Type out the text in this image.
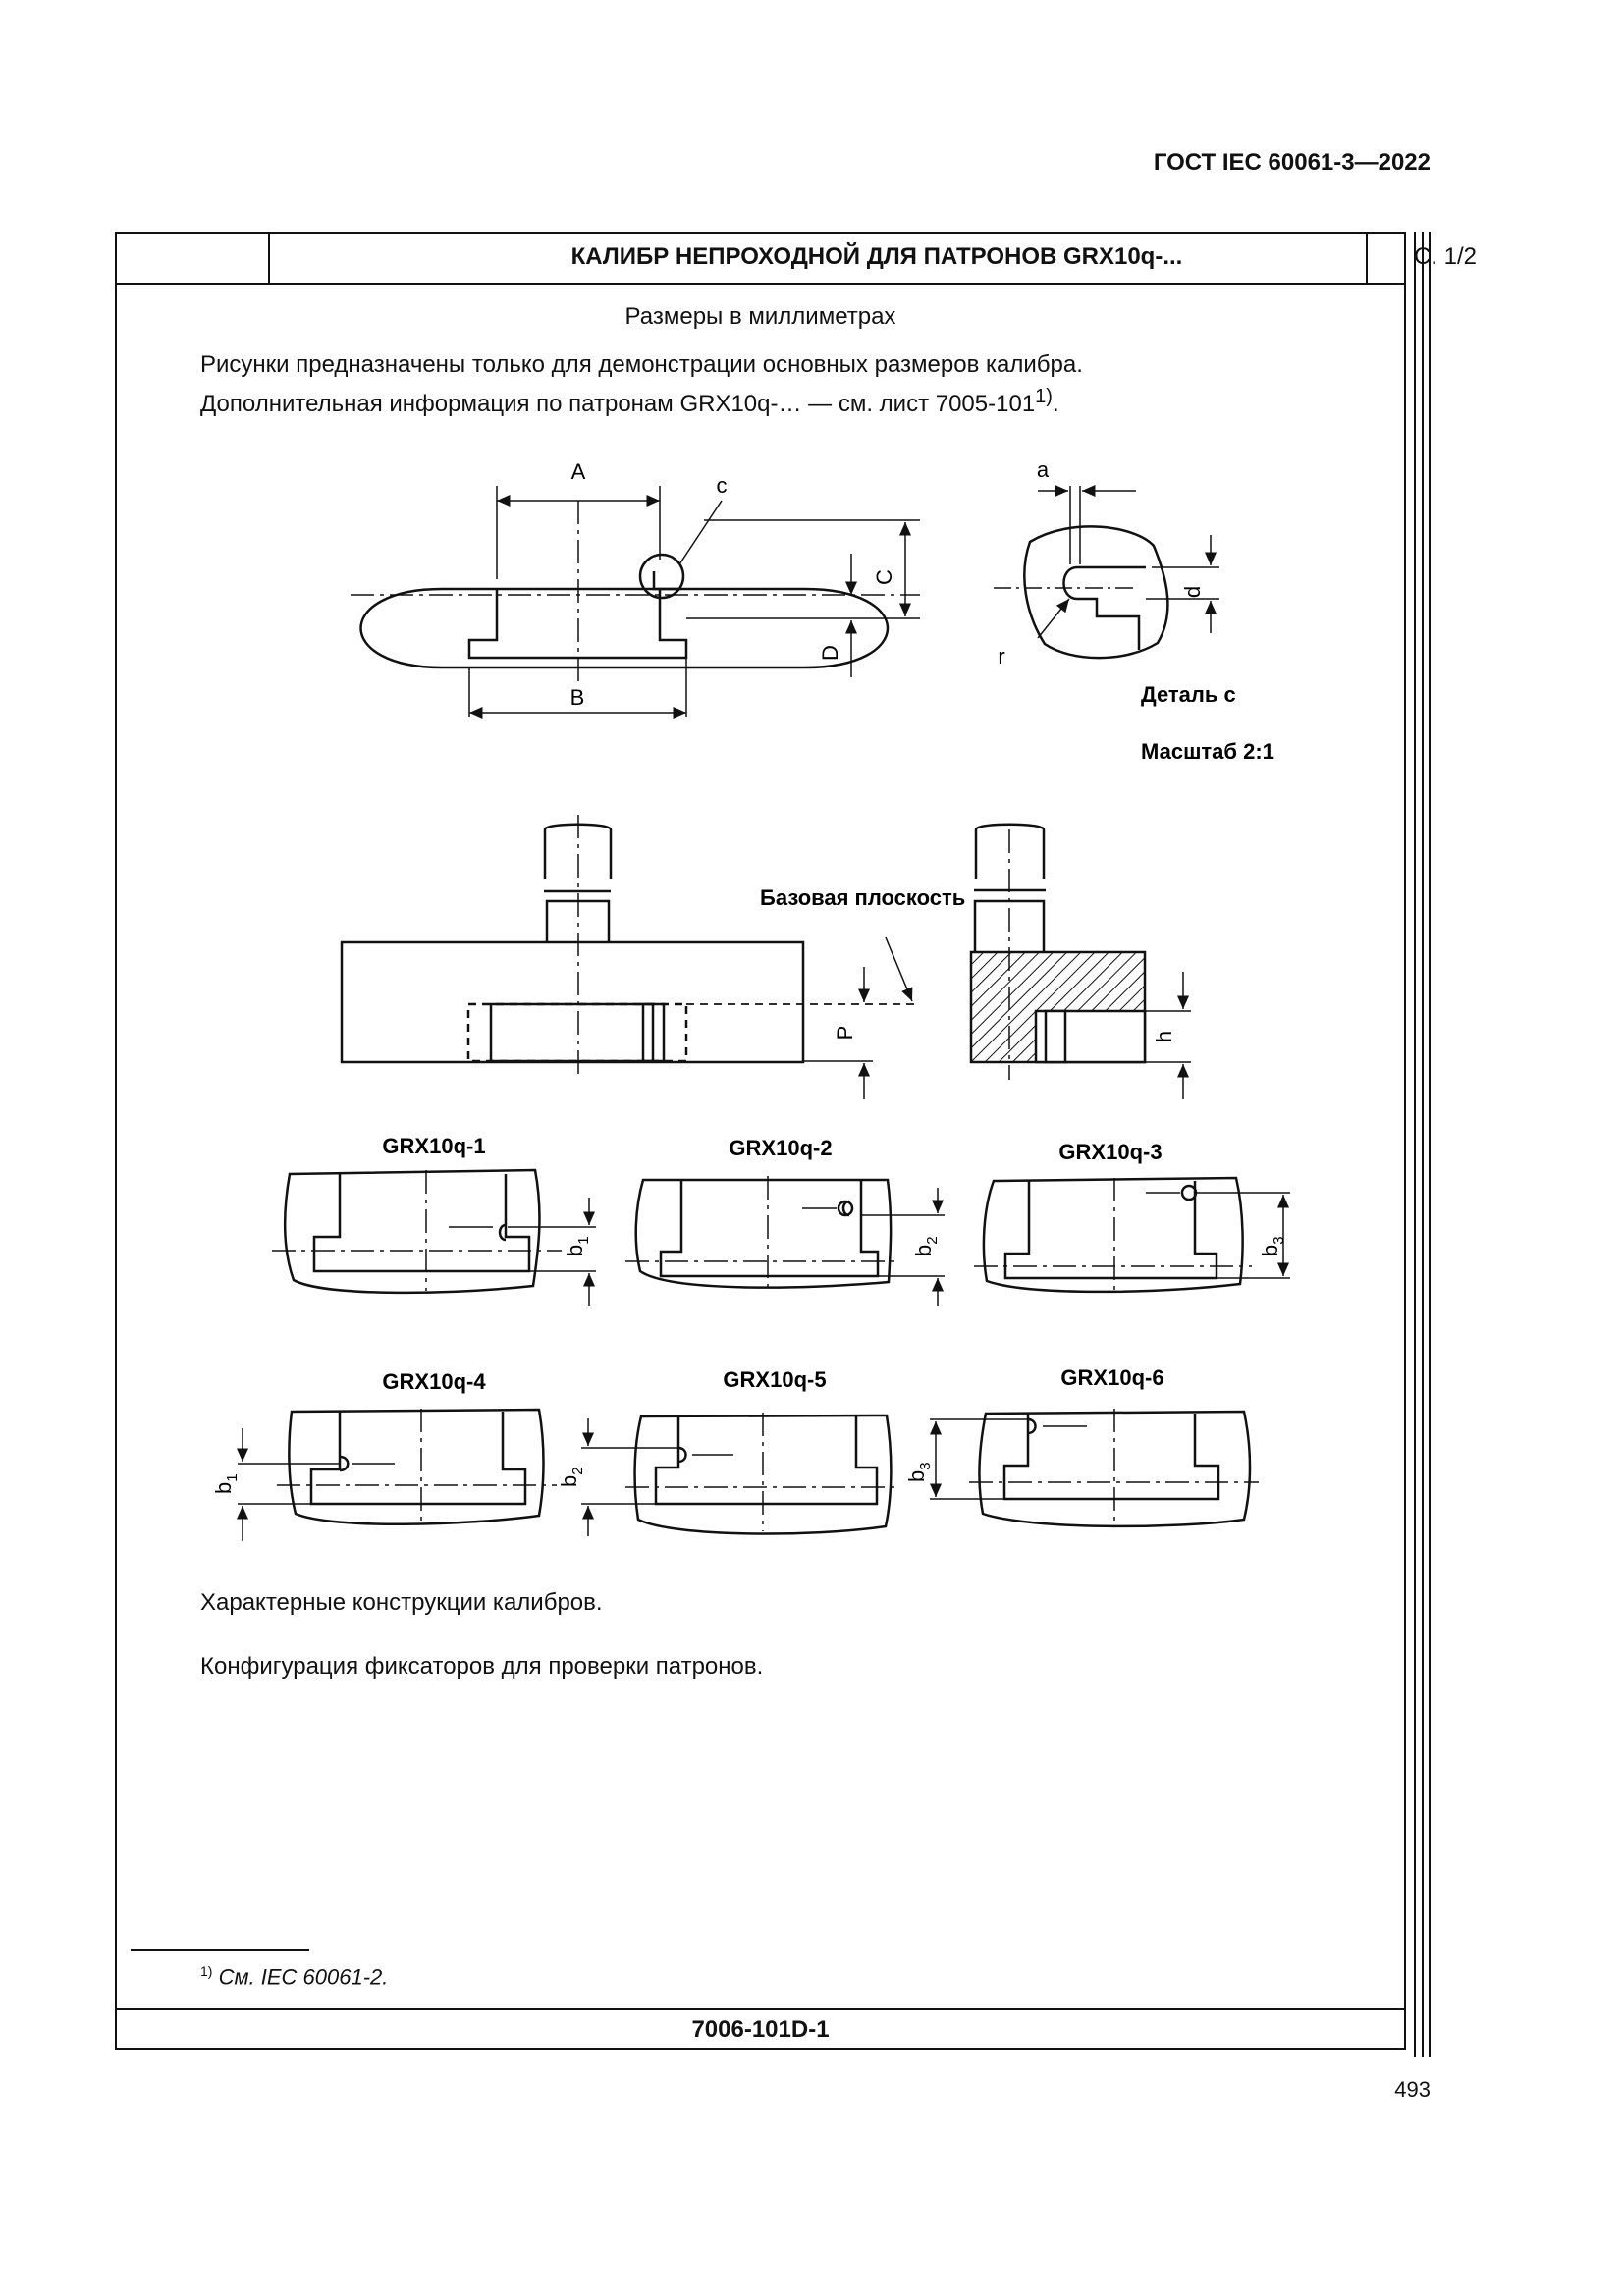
ГОСТ IEC 60061-3—2022
КАЛИБР НЕПРОХОДНОЙ ДЛЯ ПАТРОНОВ GRX10q-...	С. 1/2
Размеры в миллиметрах
Рисунки предназначены только для демонстрации основных размеров калибра.
Дополнительная информация по патронам GRX10q-… — см. лист 7005-101$^{1)}$.
A
B
C
D
c
a
d
r
Деталь c
Масштаб 2:1
Базовая плоскость
P	h
GRX10q-1
$b_1$
GRX10q-2
$b_2$
GRX10q-3
$b_3$
GRX10q-4
$b_1$
GRX10q-5
$b_2$
GRX10q-6
$b_3$
Характерные конструкции калибров.
Конфигурация фиксаторов для проверки патронов.
$^{1)}$ См. IEC 60061-2.
7006-101D-1
493
